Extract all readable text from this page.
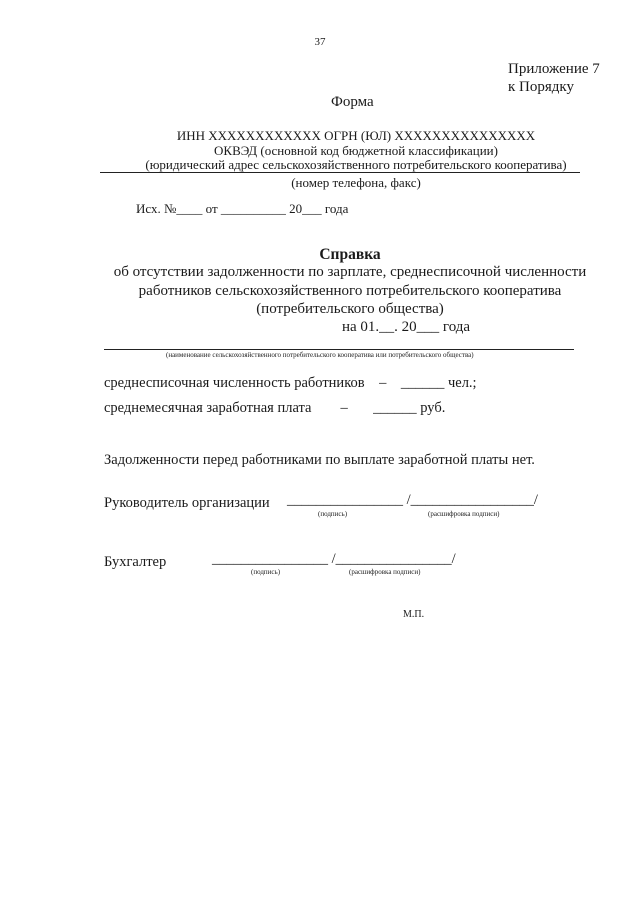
37
Приложение 7
к Порядку
Форма
ИНН XXXXXXXXXXXX ОГРН (ЮЛ) XXXXXXXXXXXXXXX
ОКВЭД (основной код бюджетной классификации)
(юридический адрес сельскохозяйственного потребительского кооператива)
(номер телефона, факс)
Исх. №____ от __________ 20___ года
Справка
об отсутствии задолженности по зарплате, среднесписочной численности
работников сельскохозяйственного потребительского кооператива
(потребительского общества)
на 01.__. 20___ года
(наименование сельскохозяйственного потребительского кооператива или потребительского общества)
среднесписочная численность работников    –    ______ чел.;
среднемесячная заработная плата        –       ______ руб.
Задолженности перед работниками по выплате заработной платы нет.
Руководитель организации ________________ /_________________/
(подпись)	(расшифровка подписи)
Бухгалтер	________________ /________________/
(подпись)	(расшифровка подписи)
М.П.
